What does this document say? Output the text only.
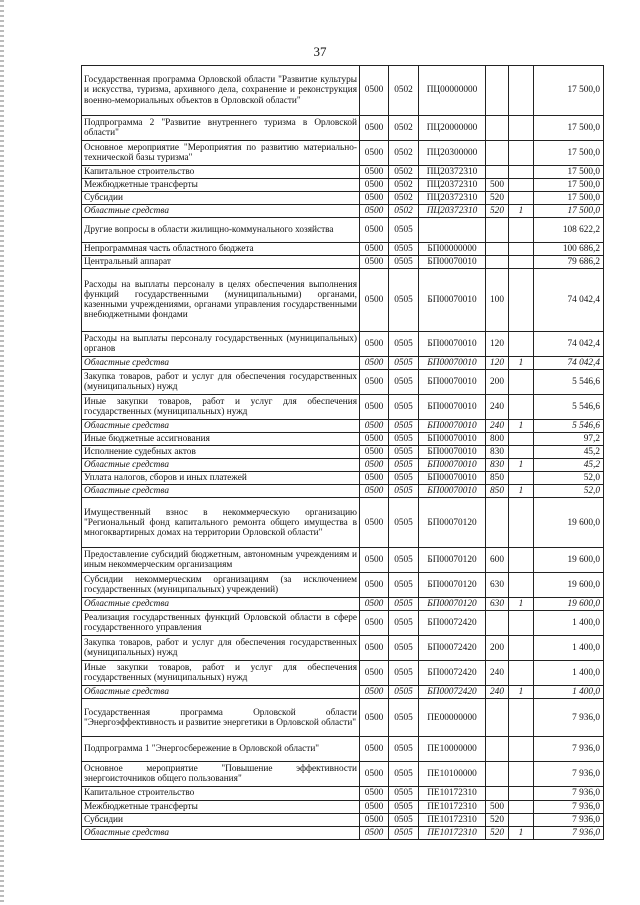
37
Государственная программа Орловской области "Развитие культуры и искусства, туризма, архивного дела, сохранение и реконструкция военно-мемориальных объектов в Орловской области"	0500	0502	ПЦ00000000			17 500,0
Подпрограмма 2 "Развитие внутреннего туризма в Орловской области"	0500	0502	ПЦ20000000			17 500,0
Основное мероприятие "Мероприятия по развитию материально-технической базы туризма"	0500	0502	ПЦ20300000			17 500,0
Капитальное строительство	0500	0502	ПЦ20372310			17 500,0
Межбюджетные трансферты	0500	0502	ПЦ20372310	500		17 500,0
Субсидии	0500	0502	ПЦ20372310	520		17 500,0
Областные средства	0500	0502	ПЦ20372310	520	1	17 500,0
Другие вопросы в области жилищно-коммунального хозяйства	0500	0505				108 622,2
Непрограммная часть областного бюджета	0500	0505	БП00000000			100 686,2
Центральный аппарат	0500	0505	БП00070010			79 686,2
Расходы на выплаты персоналу в целях обеспечения выполнения функций государственными (муниципальными) органами, казенными учреждениями, органами управления государственными внебюджетными фондами	0500	0505	БП00070010	100		74 042,4
Расходы на выплаты персоналу государственных (муниципальных) органов	0500	0505	БП00070010	120		74 042,4
Областные средства	0500	0505	БП00070010	120	1	74 042,4
Закупка товаров, работ и услуг для обеспечения государственных (муниципальных) нужд	0500	0505	БП00070010	200		5 546,6
Иные закупки товаров, работ и услуг для обеспечения государственных (муниципальных) нужд	0500	0505	БП00070010	240		5 546,6
Областные средства	0500	0505	БП00070010	240	1	5 546,6
Иные бюджетные ассигнования	0500	0505	БП00070010	800		97,2
Исполнение судебных актов	0500	0505	БП00070010	830		45,2
Областные средства	0500	0505	БП00070010	830	1	45,2
Уплата налогов, сборов и иных платежей	0500	0505	БП00070010	850		52,0
Областные средства	0500	0505	БП00070010	850	1	52,0
Имущественный взнос в некоммерческую организацию "Региональный фонд капитального ремонта общего имущества в многоквартирных домах на территории Орловской области"	0500	0505	БП00070120			19 600,0
Предоставление субсидий бюджетным, автономным учреждениям и иным некоммерческим организациям	0500	0505	БП00070120	600		19 600,0
Субсидии некоммерческим организациям (за исключением государственных (муниципальных) учреждений)	0500	0505	БП00070120	630		19 600,0
Областные средства	0500	0505	БП00070120	630	1	19 600,0
Реализация государственных функций Орловской области в сфере государственного управления	0500	0505	БП00072420			1 400,0
Закупка товаров, работ и услуг для обеспечения государственных (муниципальных) нужд	0500	0505	БП00072420	200		1 400,0
Иные закупки товаров, работ и услуг для обеспечения государственных (муниципальных) нужд	0500	0505	БП00072420	240		1 400,0
Областные средства	0500	0505	БП00072420	240	1	1 400,0
Государственная программа Орловской области "Энергоэффективность и развитие энергетики в Орловской области"	0500	0505	ПЕ00000000			7 936,0
Подпрограмма 1 "Энергосбережение в Орловской области"	0500	0505	ПЕ10000000			7 936,0
Основное мероприятие "Повышение эффективности энергоисточников общего пользования"	0500	0505	ПЕ10100000			7 936,0
Капитальное строительство	0500	0505	ПЕ10172310			7 936,0
Межбюджетные трансферты	0500	0505	ПЕ10172310	500		7 936,0
Субсидии	0500	0505	ПЕ10172310	520		7 936,0
Областные средства	0500	0505	ПЕ10172310	520	1	7 936,0
